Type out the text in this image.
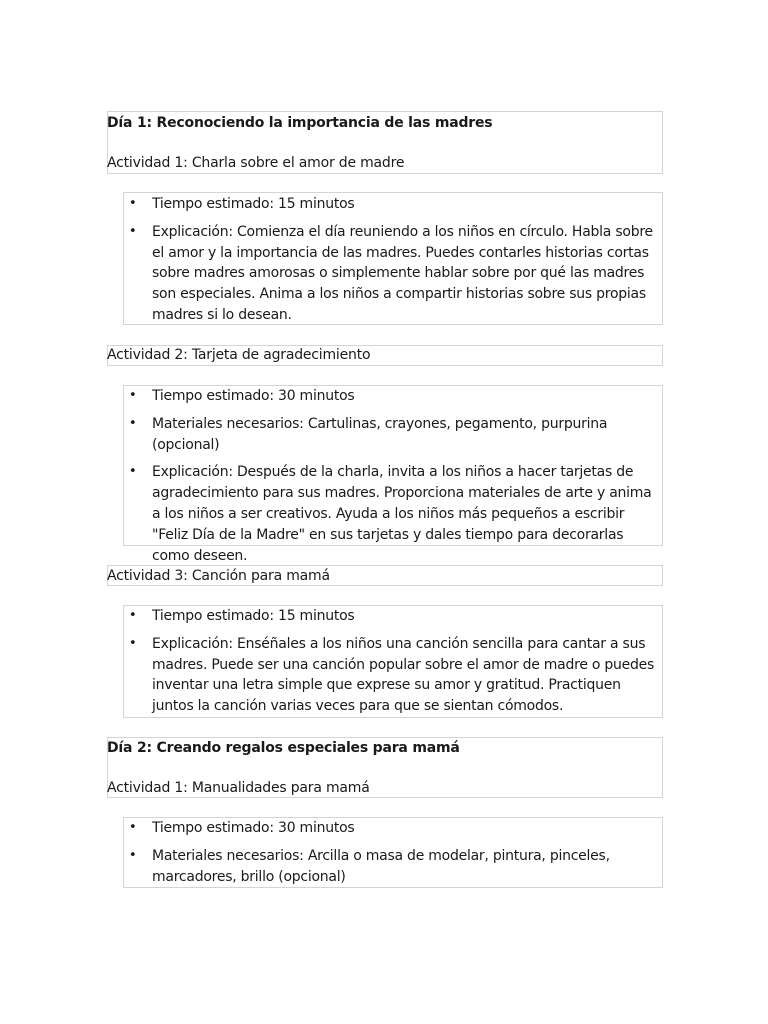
Día 1: Reconociendo la importancia de las madres
Actividad 1: Charla sobre el amor de madre
• Tiempo estimado: 15 minutos
• Explicación: Comienza el día reuniendo a los niños en círculo. Habla sobre el amor y la importancia de las madres. Puedes contarles historias cortas sobre madres amorosas o simplemente hablar sobre por qué las madres son especiales. Anima a los niños a compartir historias sobre sus propias madres si lo desean.
Actividad 2: Tarjeta de agradecimiento
• Tiempo estimado: 30 minutos
• Materiales necesarios: Cartulinas, crayones, pegamento, purpurina (opcional)
• Explicación: Después de la charla, invita a los niños a hacer tarjetas de agradecimiento para sus madres. Proporciona materiales de arte y anima a los niños a ser creativos. Ayuda a los niños más pequeños a escribir "Feliz Día de la Madre" en sus tarjetas y dales tiempo para decorarlas como deseen.
Actividad 3: Canción para mamá
• Tiempo estimado: 15 minutos
• Explicación: Enséñales a los niños una canción sencilla para cantar a sus madres. Puede ser una canción popular sobre el amor de madre o puedes inventar una letra simple que exprese su amor y gratitud. Practiquen juntos la canción varias veces para que se sientan cómodos.
Día 2: Creando regalos especiales para mamá
Actividad 1: Manualidades para mamá
• Tiempo estimado: 30 minutos
• Materiales necesarios: Arcilla o masa de modelar, pintura, pinceles, marcadores, brillo (opcional)
